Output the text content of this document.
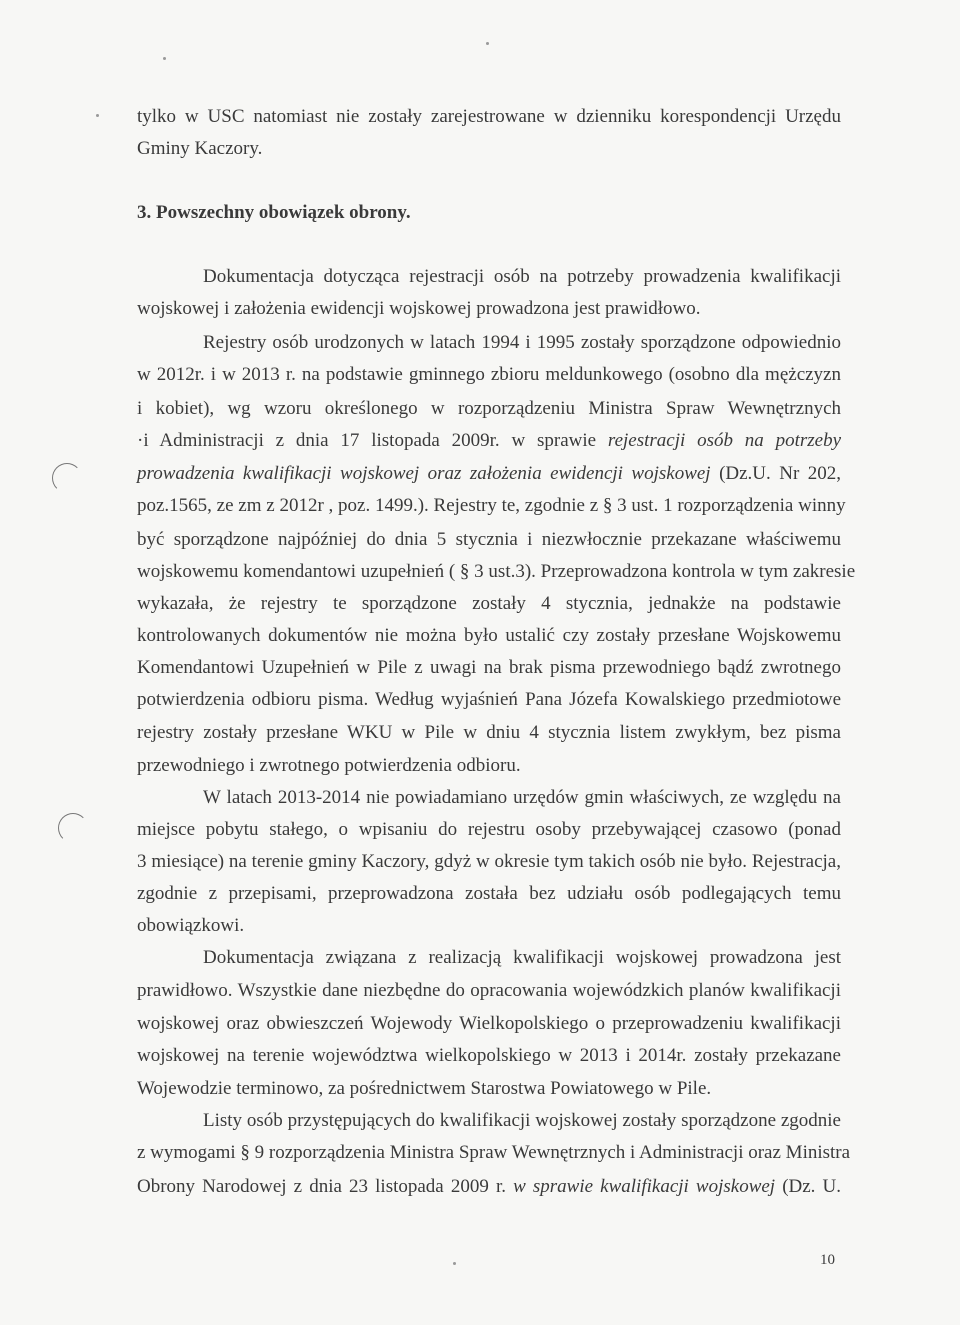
tylko w USC natomiast nie zostały zarejestrowane w dzienniku korespondencji Urzędu
Gminy Kaczory.
3. Powszechny obowiązek obrony.
Dokumentacja dotycząca rejestracji osób na potrzeby prowadzenia kwalifikacji
wojskowej i założenia ewidencji wojskowej prowadzona jest prawidłowo.
Rejestry osób urodzonych w latach 1994 i 1995 zostały sporządzone odpowiednio
w 2012r. i w 2013 r. na podstawie gminnego zbioru meldunkowego (osobno dla mężczyzn
i kobiet), wg wzoru określonego w rozporządzeniu Ministra Spraw Wewnętrznych
·i Administracji z dnia 17 listopada 2009r. w sprawie rejestracji osób na potrzeby
prowadzenia kwalifikacji wojskowej oraz założenia ewidencji wojskowej (Dz.U. Nr 202,
poz.1565, ze zm z 2012r , poz. 1499.). Rejestry te, zgodnie z § 3 ust. 1 rozporządzenia winny
być sporządzone najpóźniej do dnia 5 stycznia i niezwłocznie przekazane właściwemu
wojskowemu komendantowi uzupełnień ( § 3 ust.3). Przeprowadzona kontrola w tym zakresie
wykazała, że rejestry te sporządzone zostały 4 stycznia, jednakże na podstawie
kontrolowanych dokumentów nie można było ustalić czy zostały przesłane Wojskowemu
Komendantowi Uzupełnień w Pile z uwagi na brak pisma przewodniego bądź zwrotnego
potwierdzenia odbioru pisma. Według wyjaśnień Pana Józefa Kowalskiego przedmiotowe
rejestry zostały przesłane WKU w Pile w dniu 4 stycznia listem zwykłym, bez pisma
przewodniego i zwrotnego potwierdzenia odbioru.
W latach 2013-2014 nie powiadamiano urzędów gmin właściwych, ze względu na
miejsce pobytu stałego, o wpisaniu do rejestru osoby przebywającej czasowo (ponad
3 miesiące) na terenie gminy Kaczory, gdyż w okresie tym takich osób nie było. Rejestracja,
zgodnie z przepisami, przeprowadzona została bez udziału osób podlegających temu
obowiązkowi.
Dokumentacja związana z realizacją kwalifikacji wojskowej prowadzona jest
prawidłowo. Wszystkie dane niezbędne do opracowania wojewódzkich planów kwalifikacji
wojskowej oraz obwieszczeń Wojewody Wielkopolskiego o przeprowadzeniu kwalifikacji
wojskowej na terenie województwa wielkopolskiego w 2013 i 2014r. zostały przekazane
Wojewodzie terminowo, za pośrednictwem Starostwa Powiatowego w Pile.
Listy osób przystępujących do kwalifikacji wojskowej zostały sporządzone zgodnie
z wymogami § 9 rozporządzenia Ministra Spraw Wewnętrznych i Administracji oraz Ministra
Obrony Narodowej z dnia 23 listopada 2009 r. w sprawie kwalifikacji wojskowej (Dz. U.
10
